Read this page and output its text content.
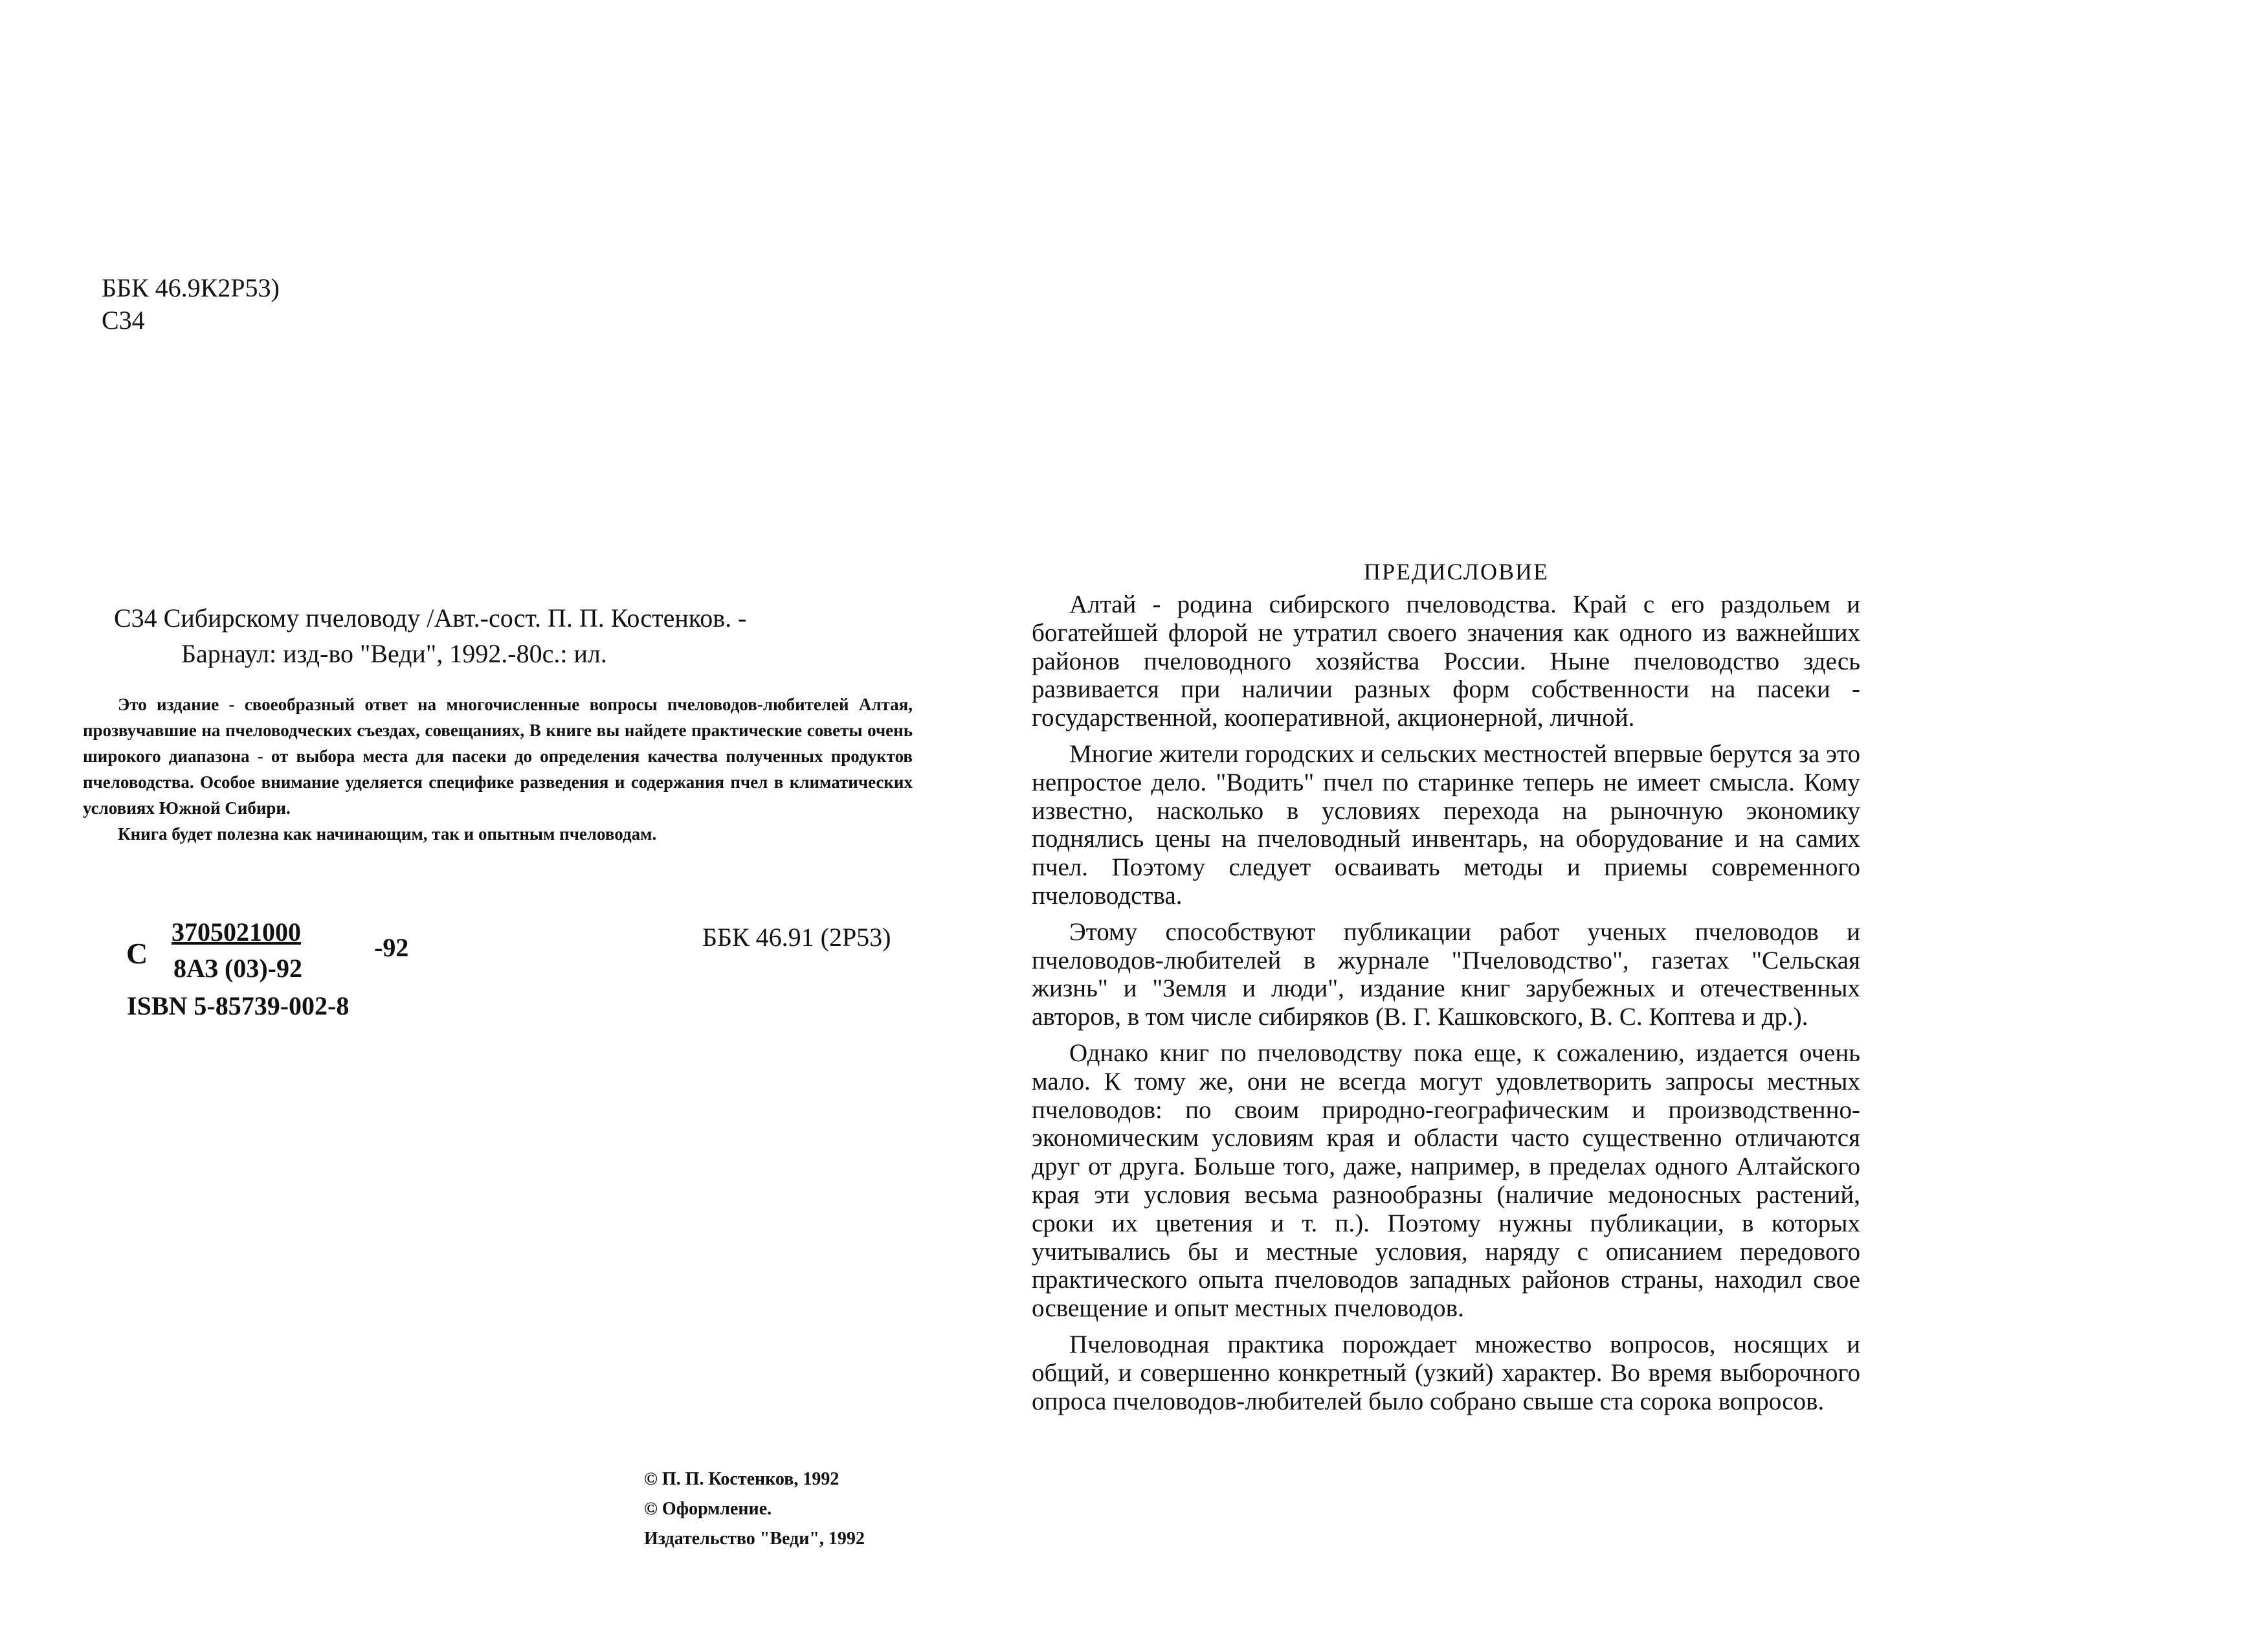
ББК 46.9К2Р53)
С34
С34 Сибирскому пчеловоду /Авт.-сост. П. П. Костенков. -
Барнаул: изд-во "Веди", 1992.-80с.: ил.

Это издание - своеобразный ответ на многочисленные вопросы пчеловодов-любителей Алтая, прозвучавшие на пчеловодческих съездах, совещаниях, В книге вы найдете практические советы очень широкого диапазона - от выбора места для пасеки до определения качества полученных продуктов пчеловодства. Особое внимание уделяется специфике разведения и содержания пчел в климатических условиях Южной Сибири.

Книга будет полезна как начинающим, так и опытным пчеловодам.

С
3705021000
8АЗ (03)-92
-92	ББК 46.91 (2Р53)
ISBN 5-85739-002-8
© П. П. Костенков, 1992
© Оформление.
Издательство "Веди", 1992
ПРЕДИСЛОВИЕ

Алтай - родина сибирского пчеловодства. Край с его раздольем и богатейшей флорой не утратил своего значения как одного из важнейших районов пчеловодного хозяйства России. Ныне пчеловодство здесь развивается при наличии разных форм собственности на пасеки - государственной, кооперативной, акционерной, личной.

Многие жители городских и сельских местностей впервые берутся за это непростое дело. "Водить" пчел по старинке теперь не имеет смысла. Кому известно, насколько в условиях перехода на рыночную экономику поднялись цены на пчеловодный инвентарь, на оборудование и на самих пчел. Поэтому следует осваивать методы и приемы современного пчеловодства.

Этому способствуют публикации работ ученых пчеловодов и пчеловодов-любителей в журнале "Пчеловодство", газетах "Сельская жизнь" и "Земля и люди", издание книг зарубежных и отечественных авторов, в том числе сибиряков (В. Г. Кашковского, В. С. Коптева и др.).

Однако книг по пчеловодству пока еще, к сожалению, издается очень мало. К тому же, они не всегда могут удовлетворить запросы местных пчеловодов: по своим природно-географическим и производственно-экономическим условиям края и области часто существенно отличаются друг от друга. Больше того, даже, например, в пределах одного Алтайского края эти условия весьма разнообразны (наличие медоносных растений, сроки их цветения и т. п.). Поэтому нужны публикации, в которых учитывались бы и местные условия, наряду с описанием передового практического опыта пчеловодов западных районов страны, находил свое освещение и опыт местных пчеловодов.

Пчеловодная практика порождает множество вопросов, носящих и общий, и совершенно конкретный (узкий) характер. Во время выборочного опроса пчеловодов-любителей было собрано свыше ста сорока вопросов.
